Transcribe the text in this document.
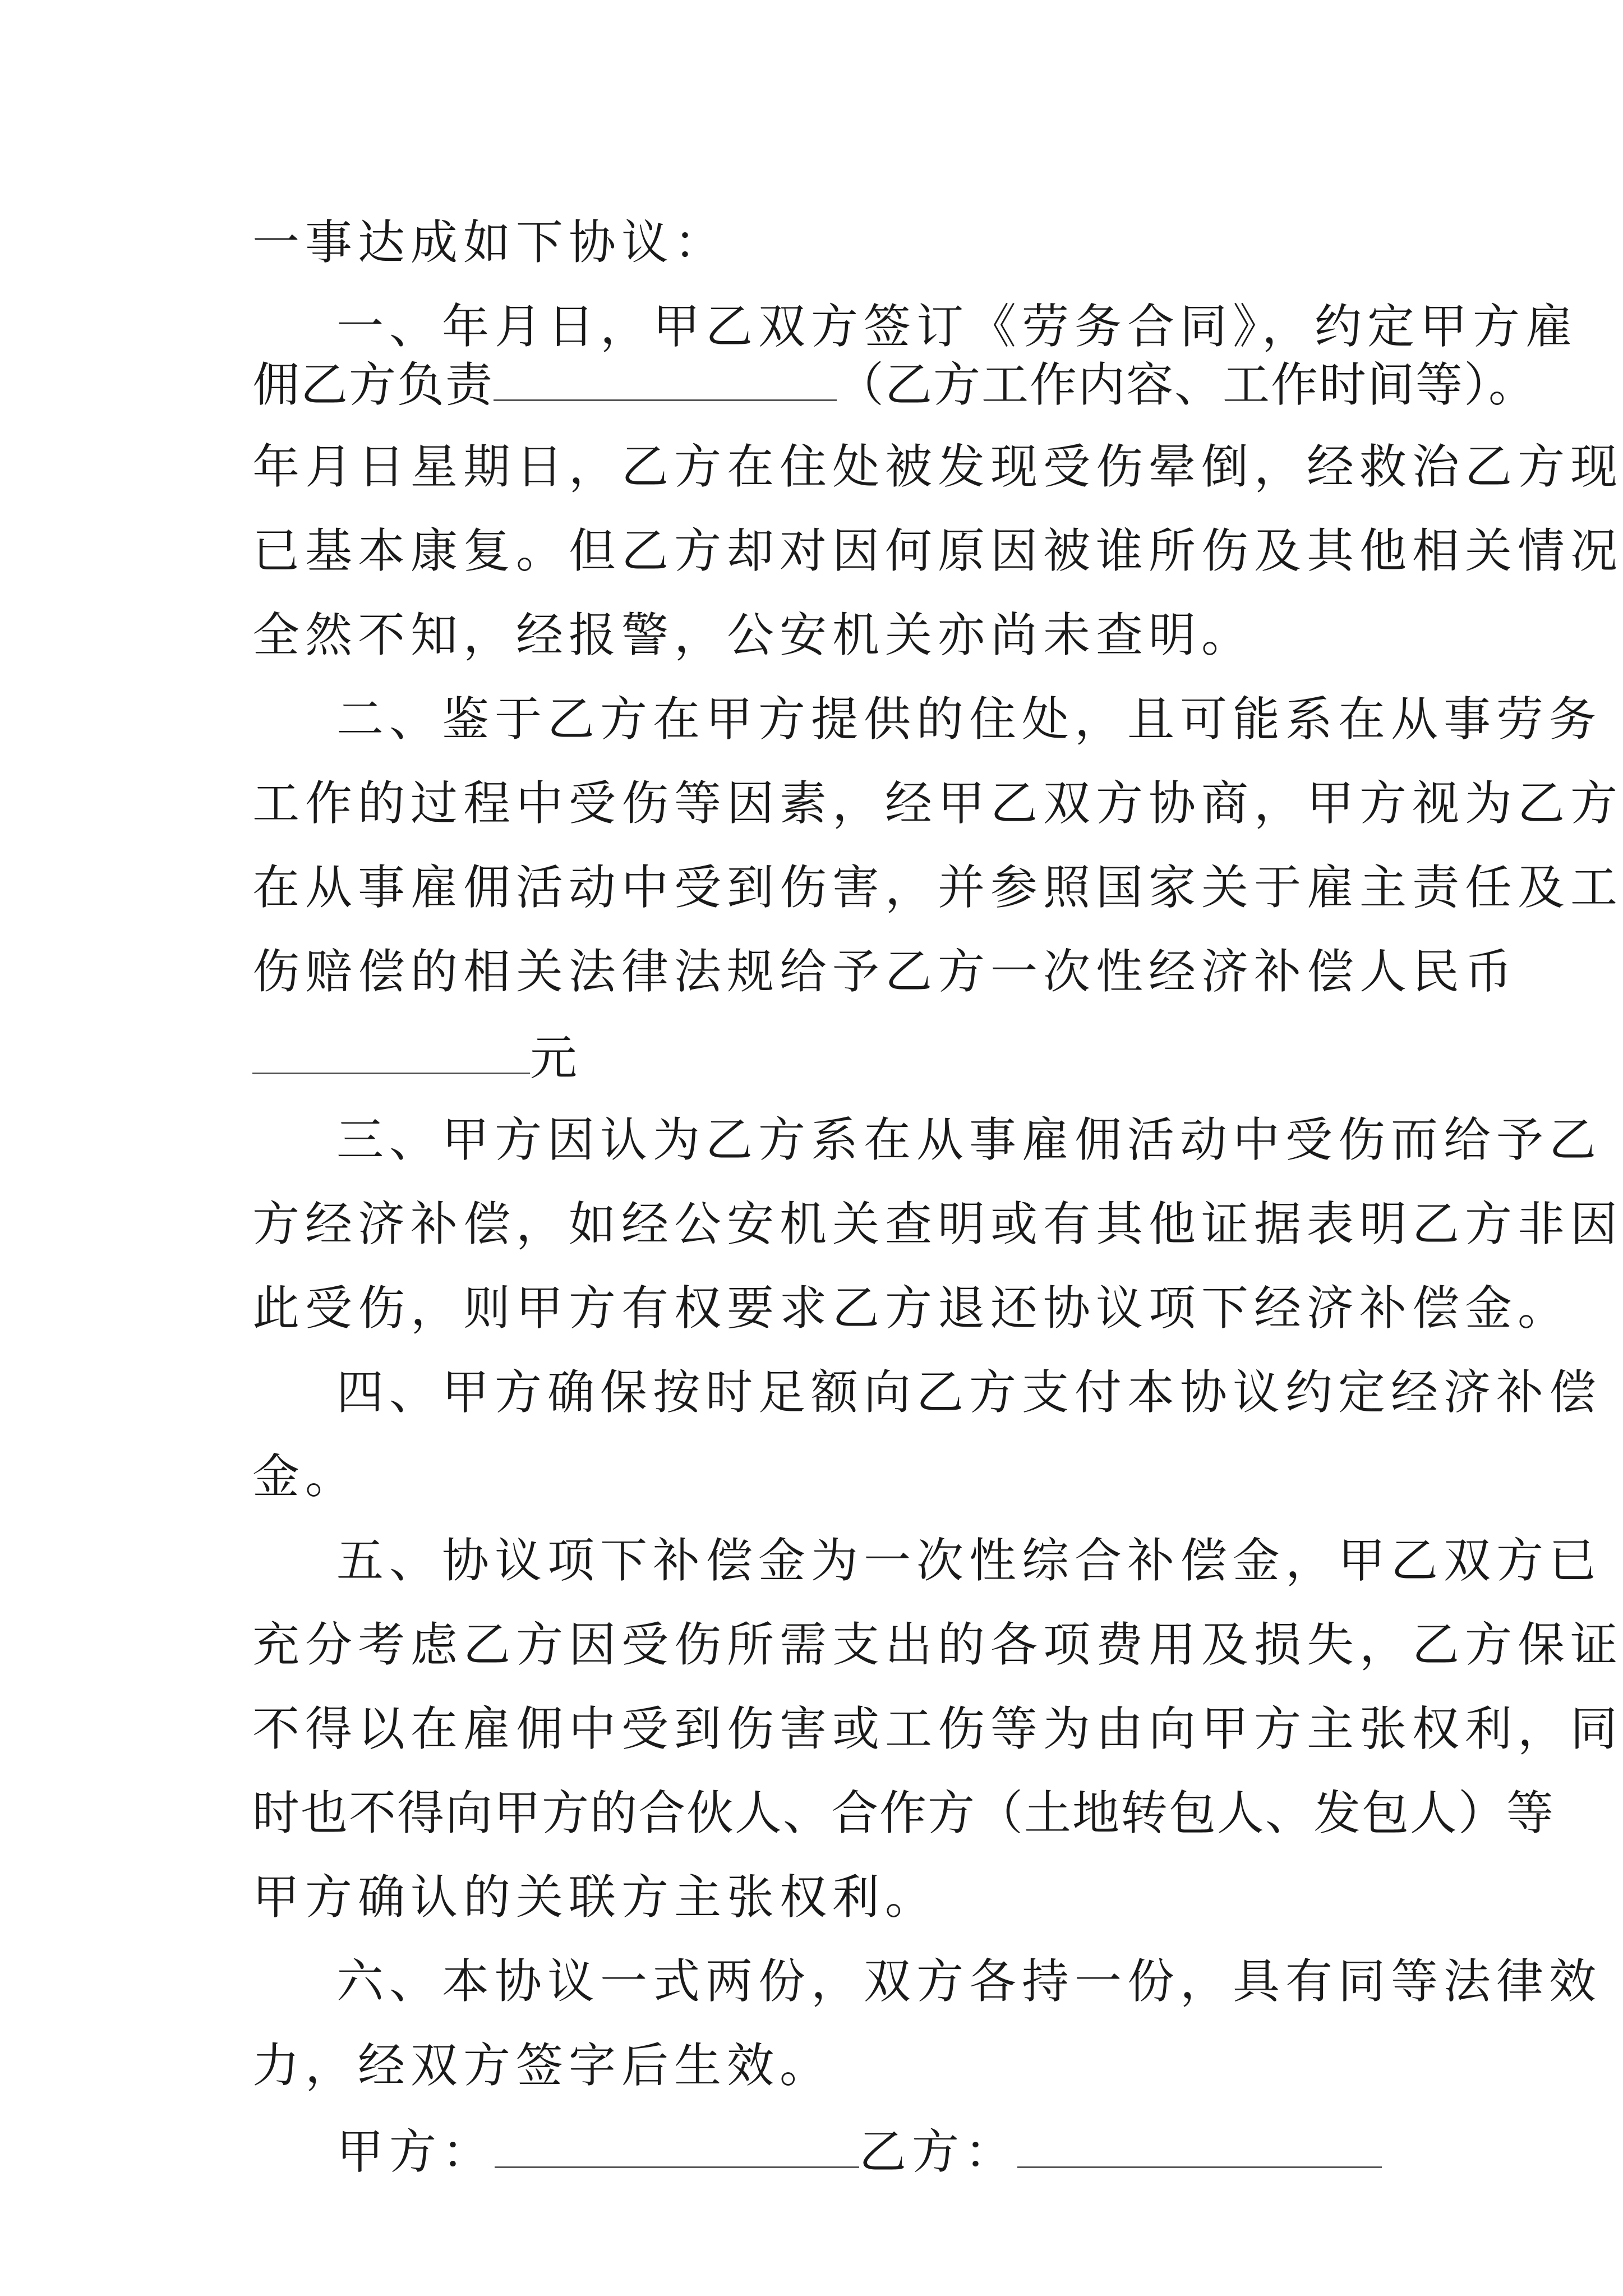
一事达成如下协议：
一、年月日，甲乙双方签订《劳务合同》，约定甲方雇
佣乙方负责	（乙方工作内容、工作时间等）。
年月日星期日，乙方在住处被发现受伤晕倒，经救治乙方现
已基本康复。但乙方却对因何原因被谁所伤及其他相关情况
全然不知，经报警，公安机关亦尚未查明。
二、鉴于乙方在甲方提供的住处，且可能系在从事劳务
工作的过程中受伤等因素，经甲乙双方协商，甲方视为乙方
在从事雇佣活动中受到伤害，并参照国家关于雇主责任及工
伤赔偿的相关法律法规给予乙方一次性经济补偿人民币
元
三、甲方因认为乙方系在从事雇佣活动中受伤而给予乙
方经济补偿，如经公安机关查明或有其他证据表明乙方非因
此受伤，则甲方有权要求乙方退还协议项下经济补偿金。
四、甲方确保按时足额向乙方支付本协议约定经济补偿
金。
五、协议项下补偿金为一次性综合补偿金，甲乙双方已
充分考虑乙方因受伤所需支出的各项费用及损失，乙方保证
不得以在雇佣中受到伤害或工伤等为由向甲方主张权利，同
时也不得向甲方的合伙人、合作方（土地转包人、发包人）等
甲方确认的关联方主张权利。
六、本协议一式两份，双方各持一份，具有同等法律效
力，经双方签字后生效。
甲方：	乙方：
